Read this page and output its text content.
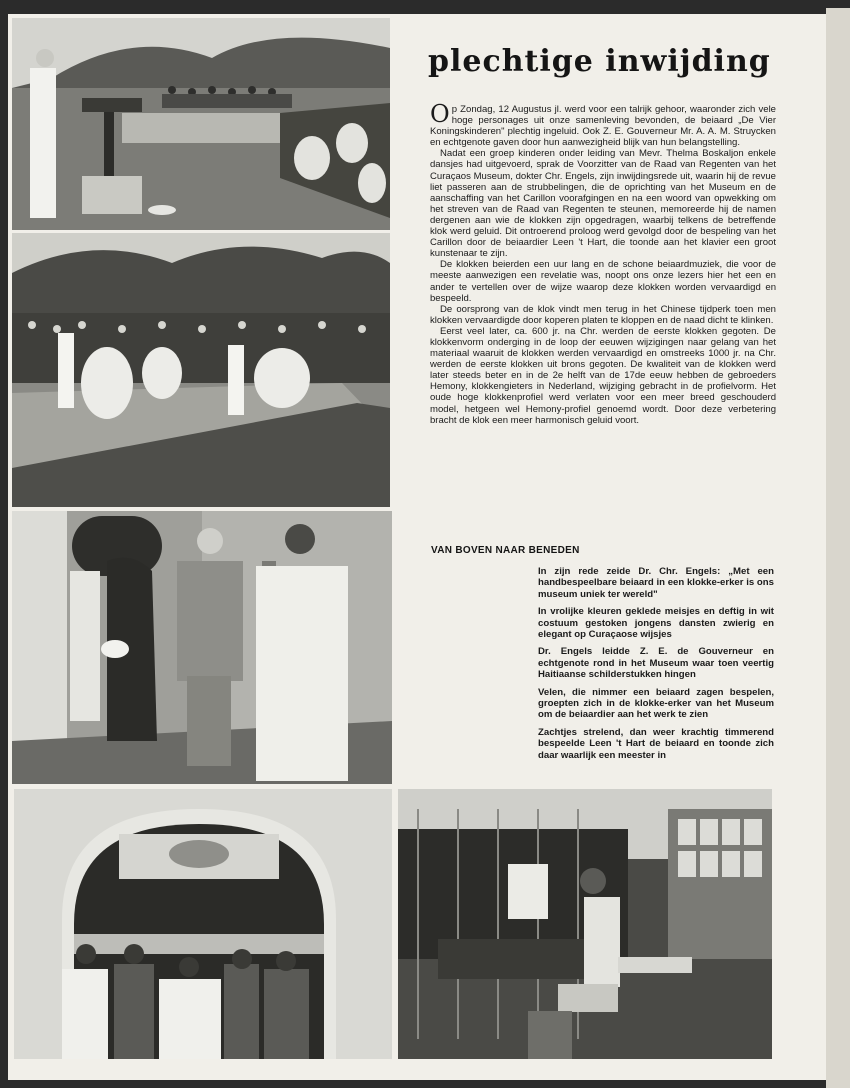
plechtige inwijding

Op Zondag, 12 Augustus jl. werd voor een talrijk gehoor, waaronder zich vele hoge personages uit onze samenleving bevonden, de beiaard „De Vier Koningskinderen" plechtig ingeluid. Ook Z. E. Gouverneur Mr. A. A. M. Struycken en echtgenote gaven door hun aanwezigheid blijk van hun belangstelling.

Nadat een groep kinderen onder leiding van Mevr. Thelma Boskaljon enkele dansjes had uitgevoerd, sprak de Voorzitter van de Raad van Regenten van het Curaçaos Museum, dokter Chr. Engels, zijn inwijdingsrede uit, waarin hij de revue liet passeren aan de strubbelingen, die de oprichting van het Museum en de aanschaffing van het Carillon voorafgingen en na een woord van opwekking om het streven van de Raad van Regenten te steunen, memoreerde hij de namen dergenen aan wie de klokken zijn opgedragen, waarbij telkens de betreffende klok werd geluid. Dit ontroerend proloog werd gevolgd door de bespeling van het Carillon door de beiaardier Leen 't Hart, die toonde aan het klavier een groot kunstenaar te zijn.

De klokken beierden een uur lang en de schone beiaardmuziek, die voor de meeste aanwezigen een revelatie was, noopt ons onze lezers hier het een en ander te vertellen over de wijze waarop deze klokken worden vervaardigd en bespeeld.

De oorsprong van de klok vindt men terug in het Chinese tijdperk toen men klokken vervaardigde door koperen platen te kloppen en de naad dicht te klinken.

Eerst veel later, ca. 600 jr. na Chr. werden de eerste klokken gegoten. De klokkenvorm onderging in de loop der eeuwen wijzigingen naar gelang van het materiaal waaruit de klokken werden vervaardigd en omstreeks 1000 jr. na Chr. werden de eerste klokken uit brons gegoten. De kwaliteit van de klokken werd later steeds beter en in de 2e helft van de 17de eeuw hebben de gebroeders Hemony, klokkengieters in Nederland, wijziging gebracht in de profielvorm. Het oude hoge klokkenprofiel werd verlaten voor een meer breed geschouderd model, hetgeen wel Hemony-profiel genoemd wordt. Door deze verbetering bracht de klok een meer harmonisch geluid voort.

VAN BOVEN NAAR BENEDEN

In zijn rede zeide Dr. Chr. Engels: „Met een handbespeelbare beiaard in een klokke-erker is ons museum uniek ter wereld"

In vrolijke kleuren geklede meisjes en deftig in wit costuum gestoken jongens dansten zwierig en elegant op Curaçaose wijsjes

Dr. Engels leidde Z. E. de Gouverneur en echtgenote rond in het Museum waar toen veertig Haitiaanse schilderstukken hingen

Velen, die nimmer een beiaard zagen bespelen, groepten zich in de klokke-erker van het Museum om de beiaardier aan het werk te zien

Zachtjes strelend, dan weer krachtig timmerend bespeelde Leen 't Hart de beiaard en toonde zich daar waarlijk een meester in
